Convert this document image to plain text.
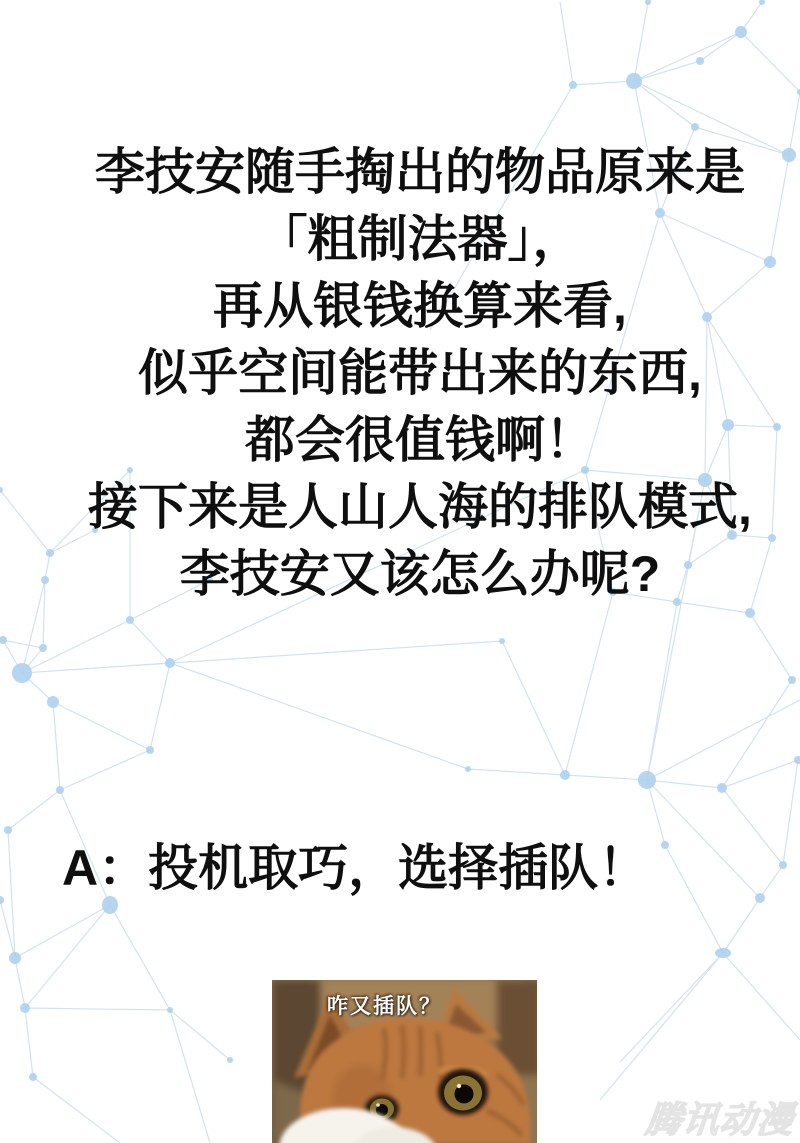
李技安随手掏出的物品原来是
「粗制法器」，
再从银钱换算来看,
似乎空间能带出来的东西,
都会很值钱啊！
接下来是人山人海的排队模式,
李技安又该怎么办呢?
A：投机取巧，选择插队！
咋又插队？
腾讯动漫
